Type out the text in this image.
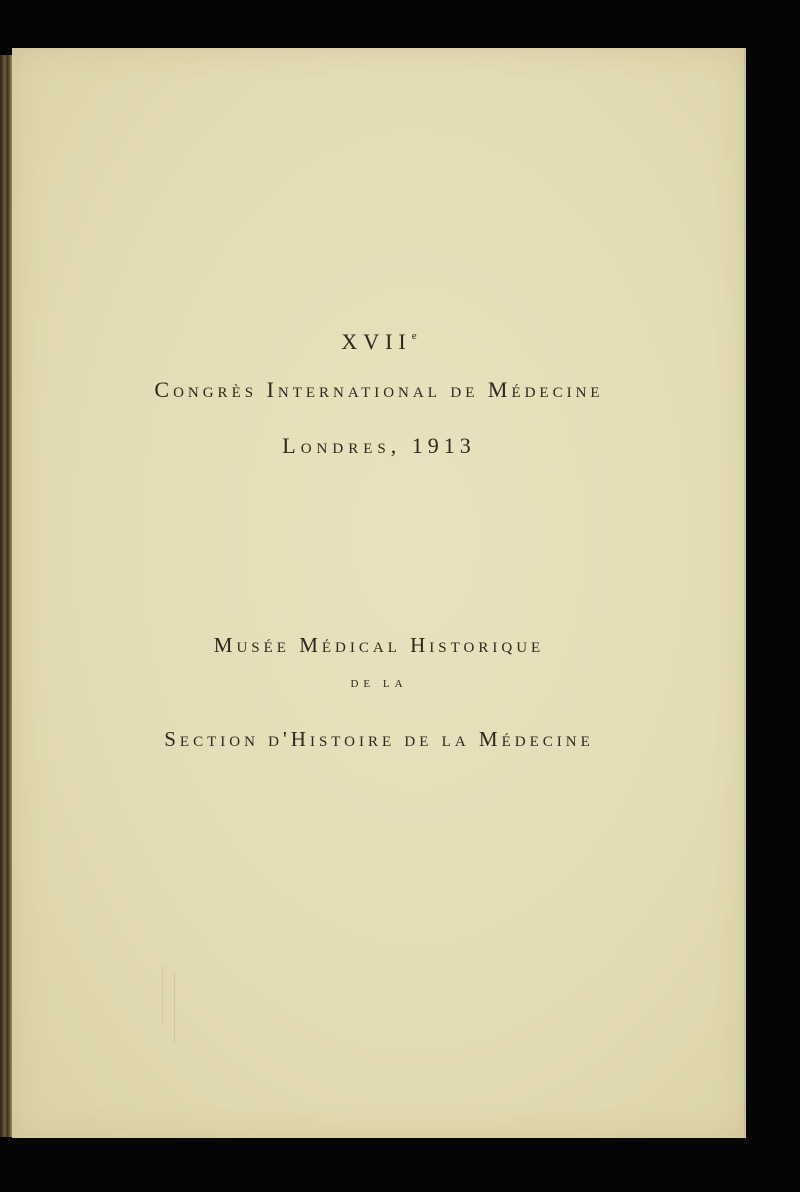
XVIIe
Congrès International de Médecine
Londres, 1913
Musée Médical Historique
DE LA
Section d'Histoire de la Médecine
